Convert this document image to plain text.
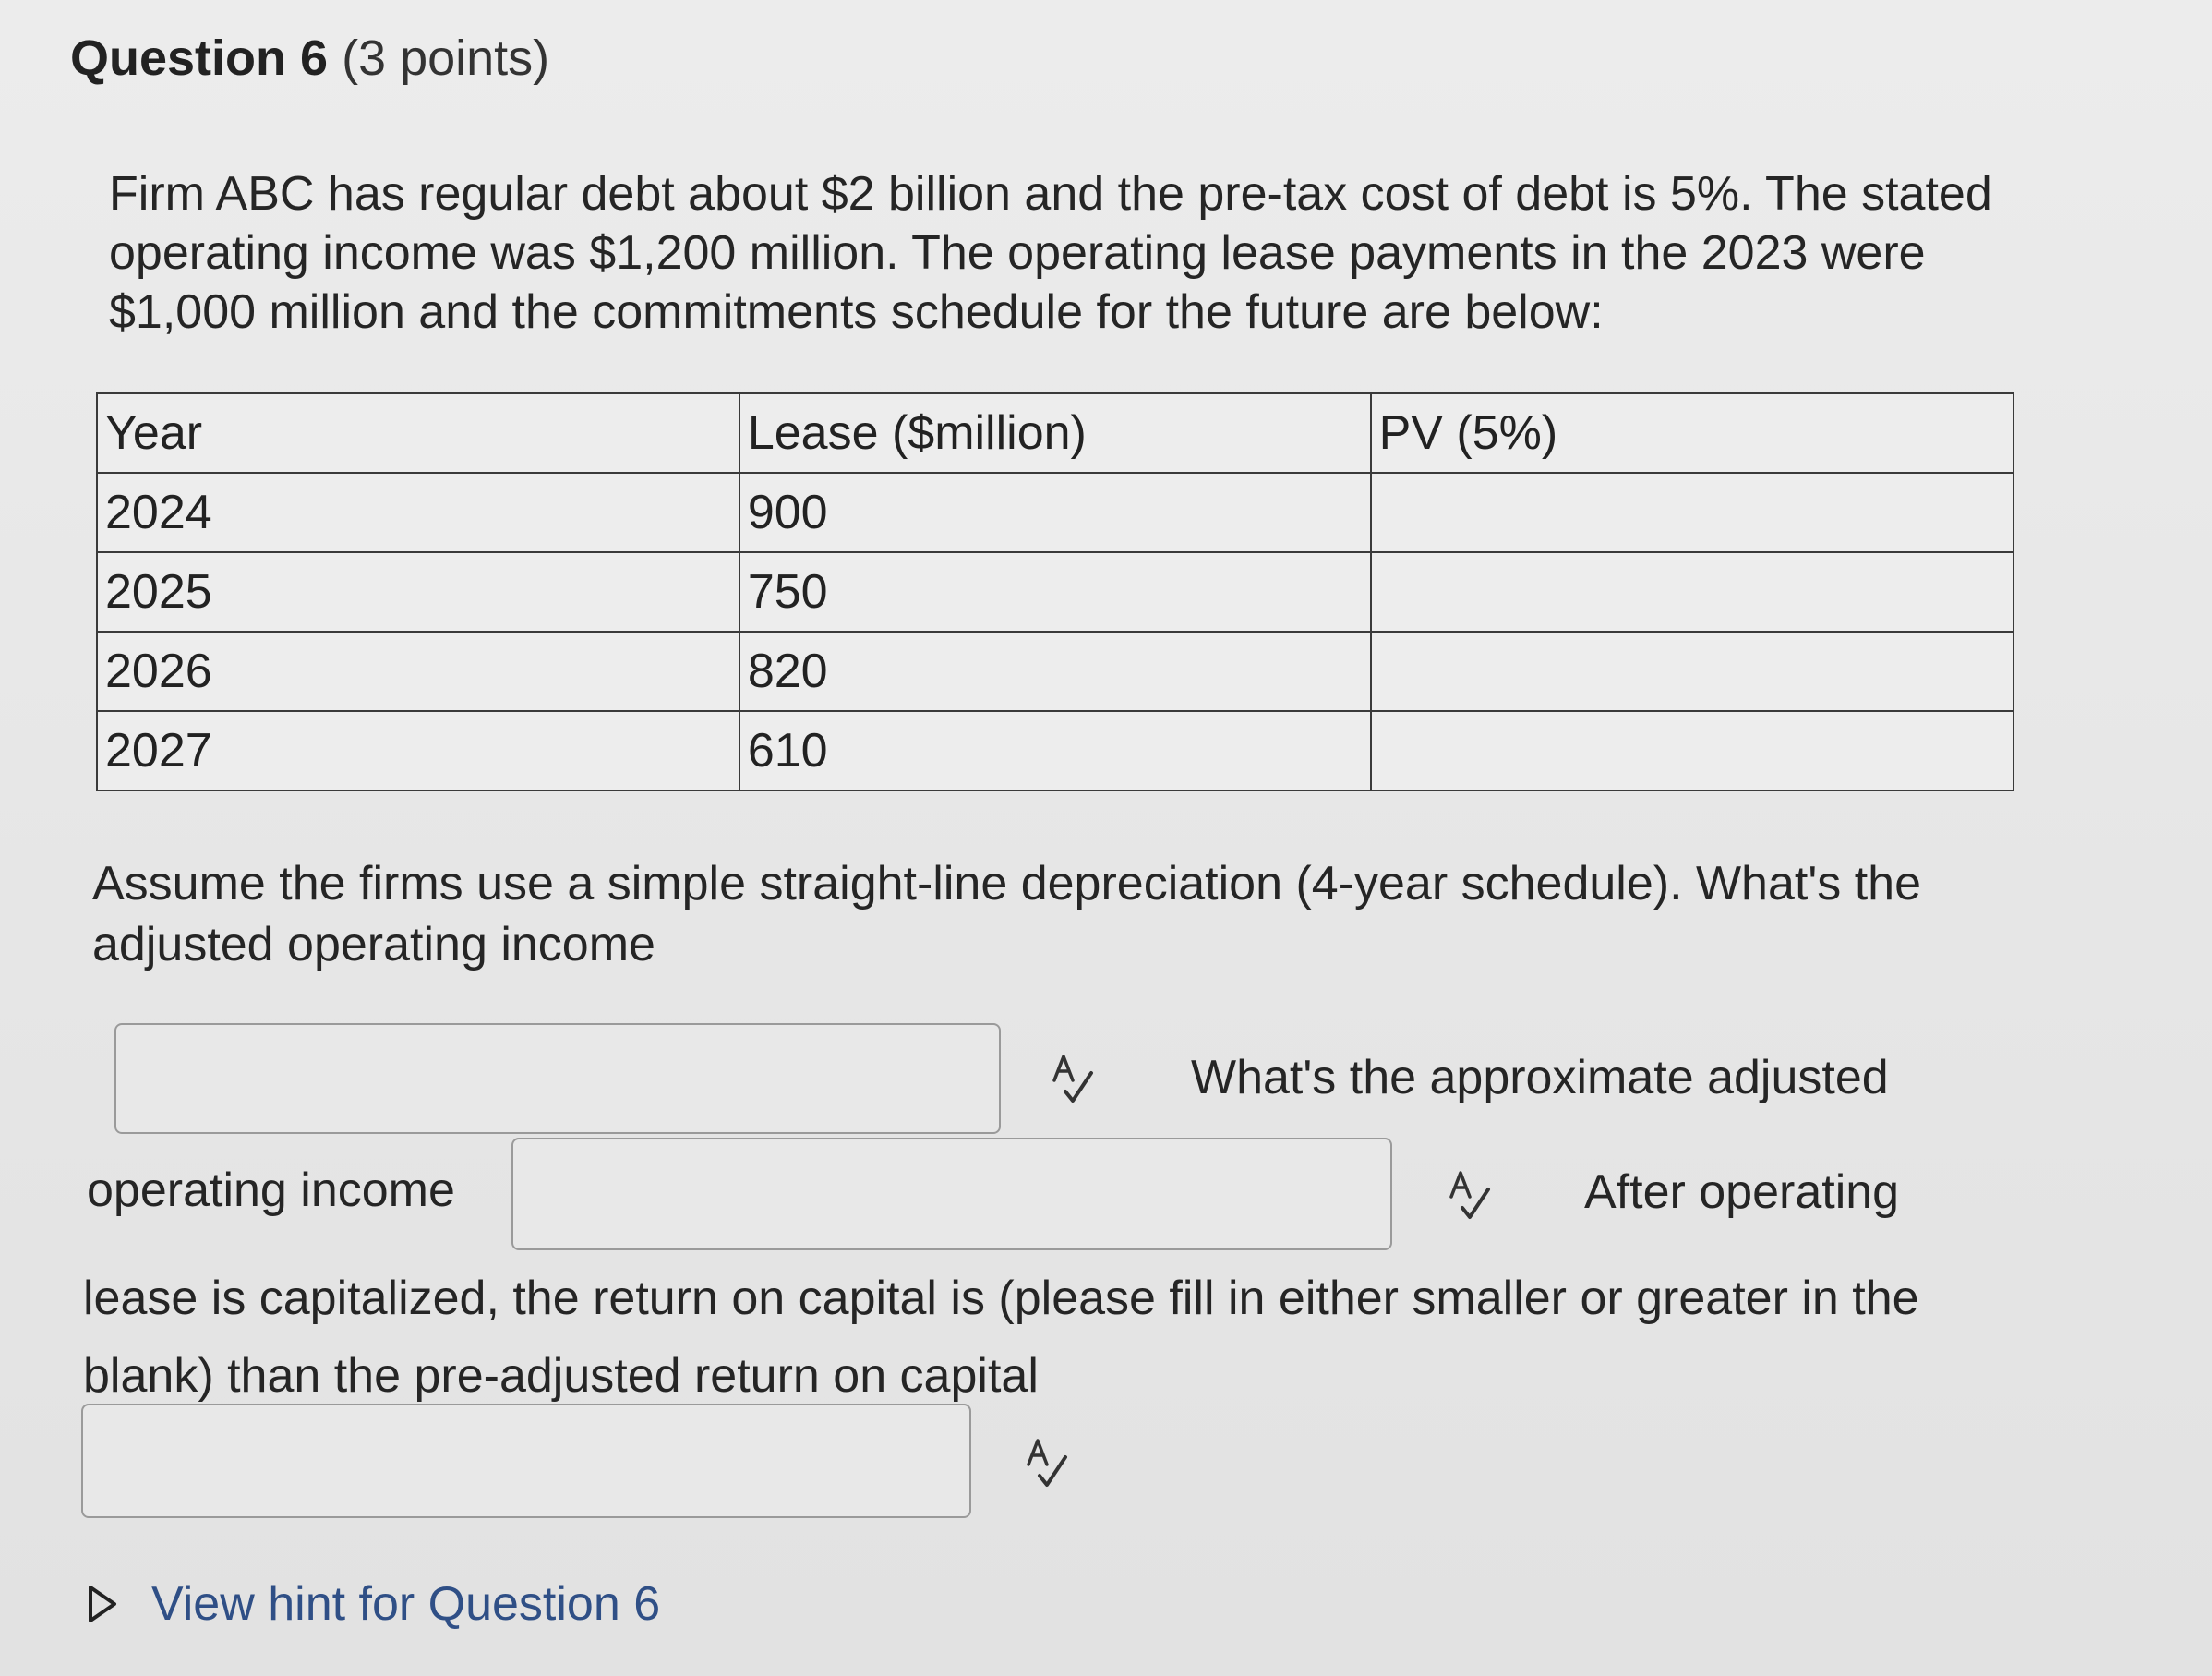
Question 6 (3 points)
Firm ABC has regular debt about $2 billion and the pre-tax cost of debt is 5%. The stated operating income was $1,200 million. The operating lease payments in the 2023 were $1,000 million and the commitments schedule for the future are below:
Year	Lease ($million)	PV (5%)
2024	900	
2025	750	
2026	820	
2027	610	
Assume the firms use a simple straight-line depreciation (4-year schedule). What's the adjusted operating income
What's the approximate adjusted
operating income	After operating
lease is capitalized, the return on capital is (please fill in either smaller or greater in the blank) than the pre-adjusted return on capital
View hint for Question 6
